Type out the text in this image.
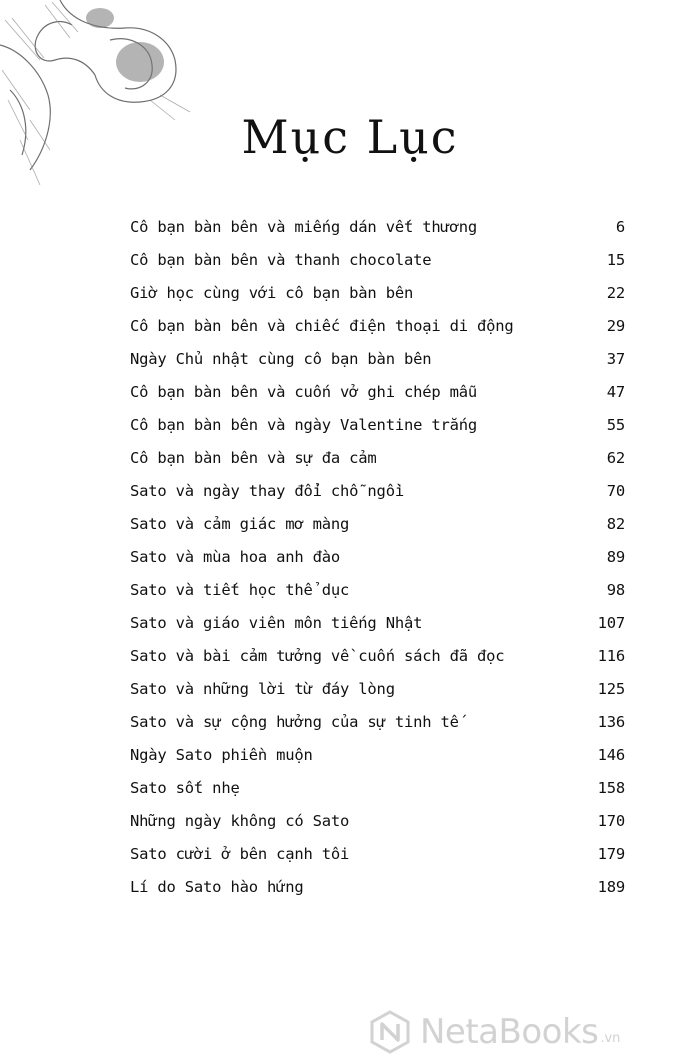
Mục Lục
Cô bạn bàn bên và miếng dán vết thương	6
Cô bạn bàn bên và thanh chocolate	15
Giờ học cùng với cô bạn bàn bên	22
Cô bạn bàn bên và chiếc điện thoại di động	29
Ngày Chủ nhật cùng cô bạn bàn bên	37
Cô bạn bàn bên và cuốn vở ghi chép mẫu	47
Cô bạn bàn bên và ngày Valentine trắng	55
Cô bạn bàn bên và sự đa cảm	62
Sato và ngày thay đổi chỗ ngồi	70
Sato và cảm giác mơ màng	82
Sato và mùa hoa anh đào	89
Sato và tiết học thể dục	98
Sato và giáo viên môn tiếng Nhật	107
Sato và bài cảm tưởng về cuốn sách đã đọc	116
Sato và những lời từ đáy lòng	125
Sato và sự cộng hưởng của sự tinh tế	136
Ngày Sato phiền muộn	146
Sato sốt nhẹ	158
Những ngày không có Sato	170
Sato cười ở bên cạnh tôi	179
Lí do Sato hào hứng	189
NetaBooks .vn
